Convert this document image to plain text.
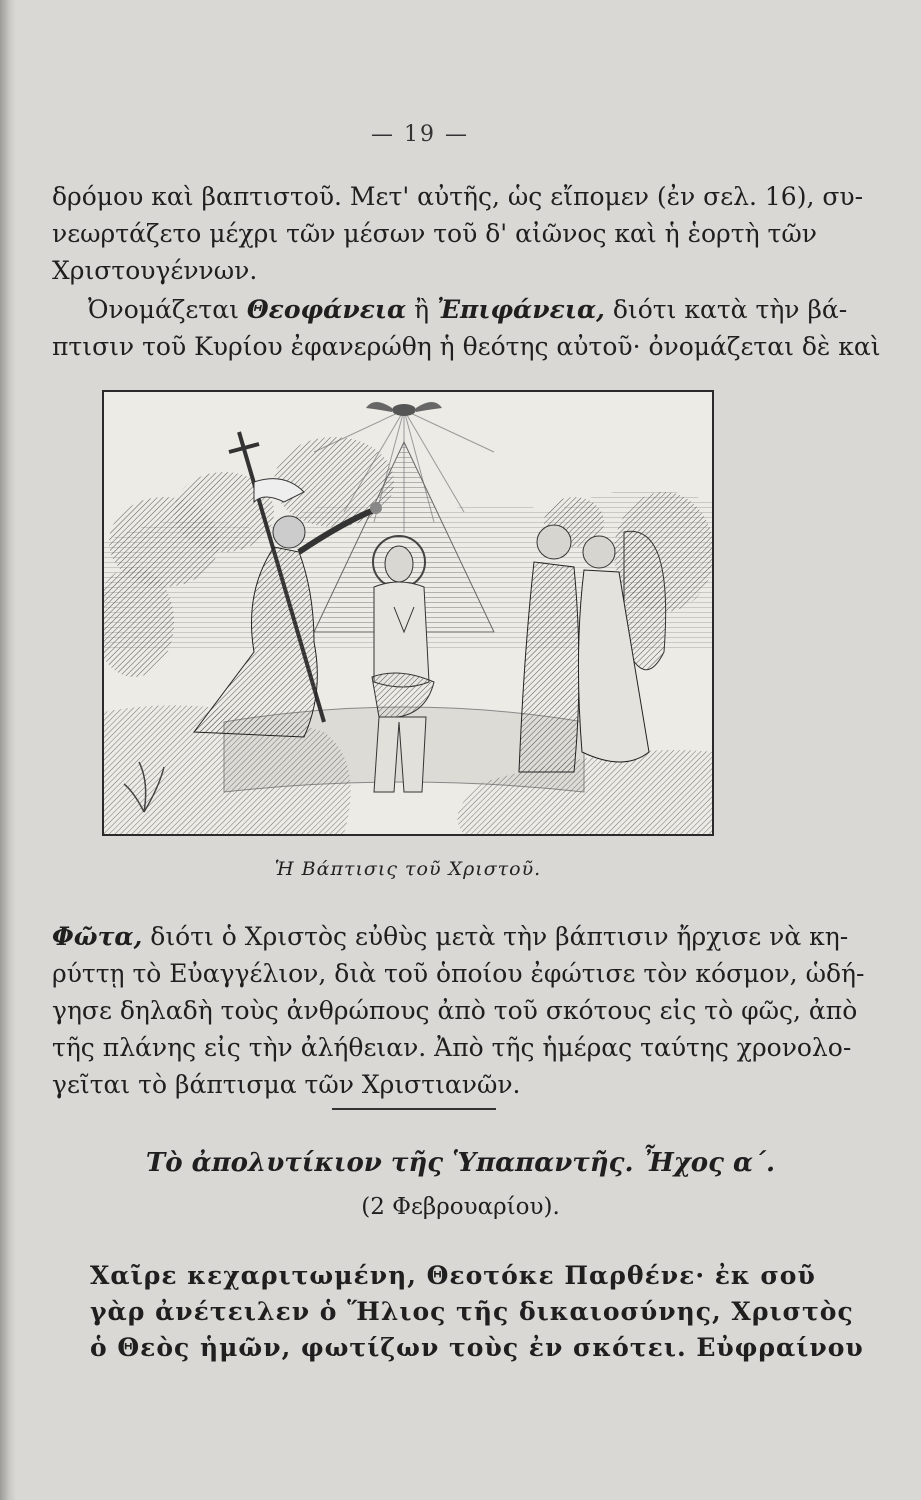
— 19 —

δρόμου καὶ βαπτιστοῦ. Μετ' αὐτῆς, ὡς εἴπομεν (ἐν σελ. 16), συ-
νεωρτάζετο μέχρι τῶν μέσων τοῦ δ' αἰῶνος καὶ ἡ ἑορτὴ τῶν
Χριστουγέννων.

Ὀνομάζεται Θεοφάνεια ἢ Ἐπιφάνεια, διότι κατὰ τὴν βά-
πτισιν τοῦ Κυρίου ἐφανερώθη ἡ θεότης αὐτοῦ· ὀνομάζεται δὲ καὶ

Ἡ Βάπτισις τοῦ Χριστοῦ.

Φῶτα, διότι ὁ Χριστὸς εὐθὺς μετὰ τὴν βάπτισιν ἤρχισε νὰ κη-
ρύττῃ τὸ Εὐαγγέλιον, διὰ τοῦ ὁποίου ἐφώτισε τὸν κόσμον, ὡδή-
γησε δηλαδὴ τοὺς ἀνθρώπους ἀπὸ τοῦ σκότους εἰς τὸ φῶς, ἀπὸ
τῆς πλάνης εἰς τὴν ἀλήθειαν. Ἀπὸ τῆς ἡμέρας ταύτης χρονολο-
γεῖται τὸ βάπτισμα τῶν Χριστιανῶν.

Τὸ ἀπολυτίκιον τῆς Ὑπαπαντῆς. Ἦχος α΄.

(2 Φεβρουαρίου).

Χαῖρε κεχαριτωμένη, Θεοτόκε Παρθένε· ἐκ σοῦ
γὰρ ἀνέτειλεν ὁ Ἥλιος τῆς δικαιοσύνης, Χριστὸς
ὁ Θεὸς ἡμῶν, φωτίζων τοὺς ἐν σκότει. Εὐφραίνου
